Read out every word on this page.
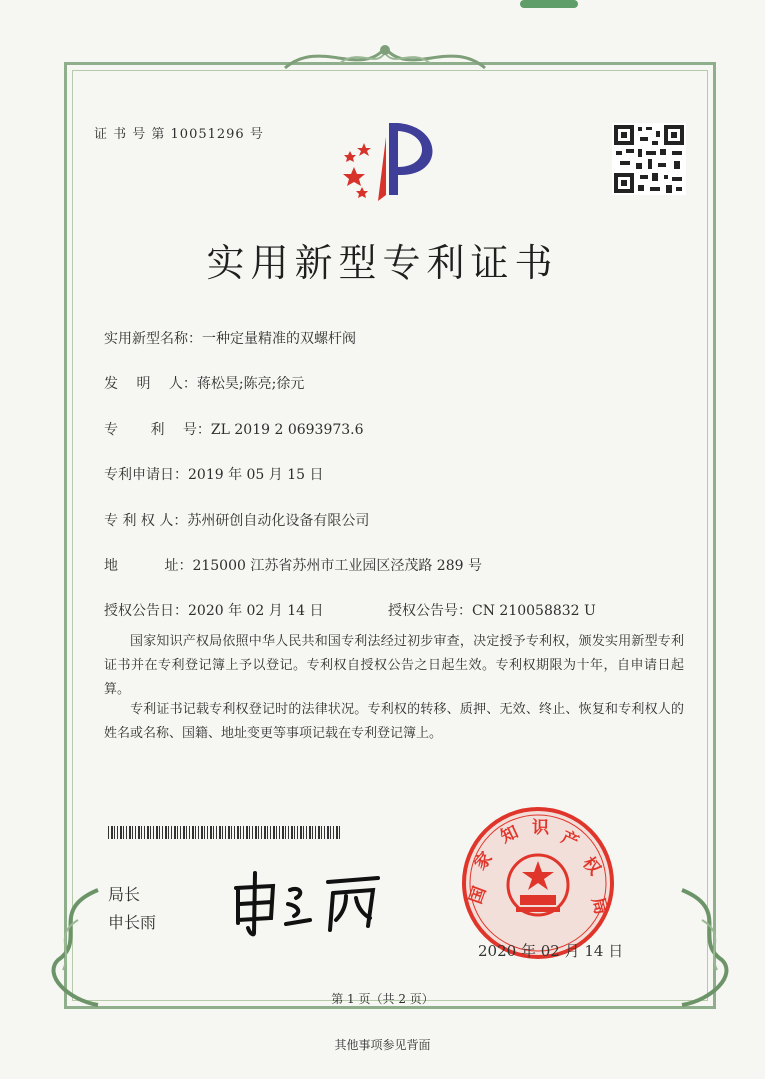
证 书 号 第 10051296 号
实用新型专利证书
实用新型名称：一种定量精准的双螺杆阀
发　 明　 人：蒋松昊;陈亮;徐元
专　 　利　 号：ZL 2019 2 0693973.6
专利申请日：2019 年 05 月 15 日
专 利 权 人：苏州研创自动化设备有限公司
地　　　 址：215000 江苏省苏州市工业园区泾茂路 289 号
授权公告日：2020 年 02 月 14 日	授权公告号：CN 210058832 U
国家知识产权局依照中华人民共和国专利法经过初步审查，决定授予专利权，颁发实用新型专利证书并在专利登记簿上予以登记。专利权自授权公告之日起生效。专利权期限为十年，自申请日起算。
专利证书记载专利权登记时的法律状况。专利权的转移、质押、无效、终止、恢复和专利权人的姓名或名称、国籍、地址变更等事项记载在专利登记簿上。
局长
申长雨
国
家
知 识 产
权
局
2020 年 02 月 14 日
第 1 页（共 2 页）
其他事项参见背面
